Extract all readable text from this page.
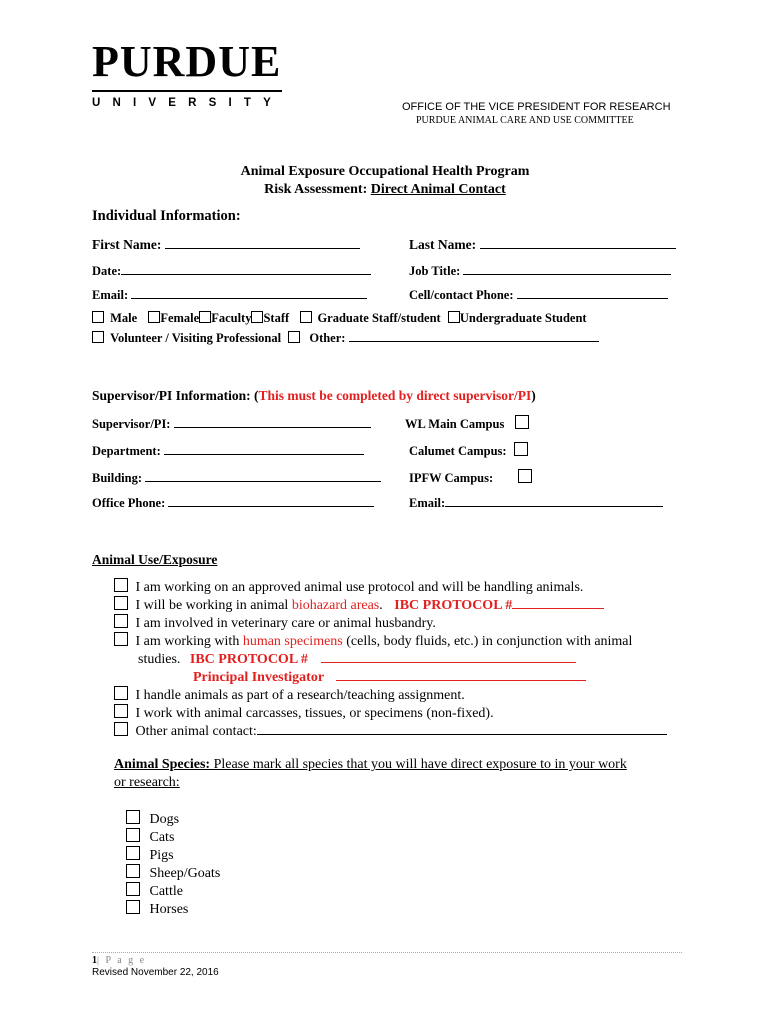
PURDUE
UNIVERSITY	OFFICE OF THE VICE PRESIDENT FOR RESEARCH
PURDUE ANIMAL CARE AND USE COMMITTEE
Animal Exposure Occupational Health Program
Risk Assessment: Direct Animal Contact
Individual Information:
First Name:	Last Name:
Date:	Job Title:
Email:	Cell/contact Phone:
Male Female Faculty Staff Graduate Staff/student Undergraduate Student
Volunteer / Visiting Professional Other:
Supervisor/PI Information: (This must be completed by direct supervisor/PI)
Supervisor/PI:	WL Main Campus
Department:	Calumet Campus:
Building:	IPFW Campus:
Office Phone:	Email:
Animal Use/Exposure
I am working on an approved animal use protocol and will be handling animals.
I will be working in animal biohazard areas. IBC PROTOCOL #
I am involved in veterinary care or animal husbandry.
I am working with human specimens (cells, body fluids, etc.) in conjunction with animal
studies. IBC PROTOCOL #
Principal Investigator
I handle animals as part of a research/teaching assignment.
I work with animal carcasses, tissues, or specimens (non-fixed).
Other animal contact:
Animal Species: Please mark all species that you will have direct exposure to in your work
or research:
Dogs
Cats
Pigs
Sheep/Goats
Cattle
Horses
1| P a g e
Revised November 22, 2016
